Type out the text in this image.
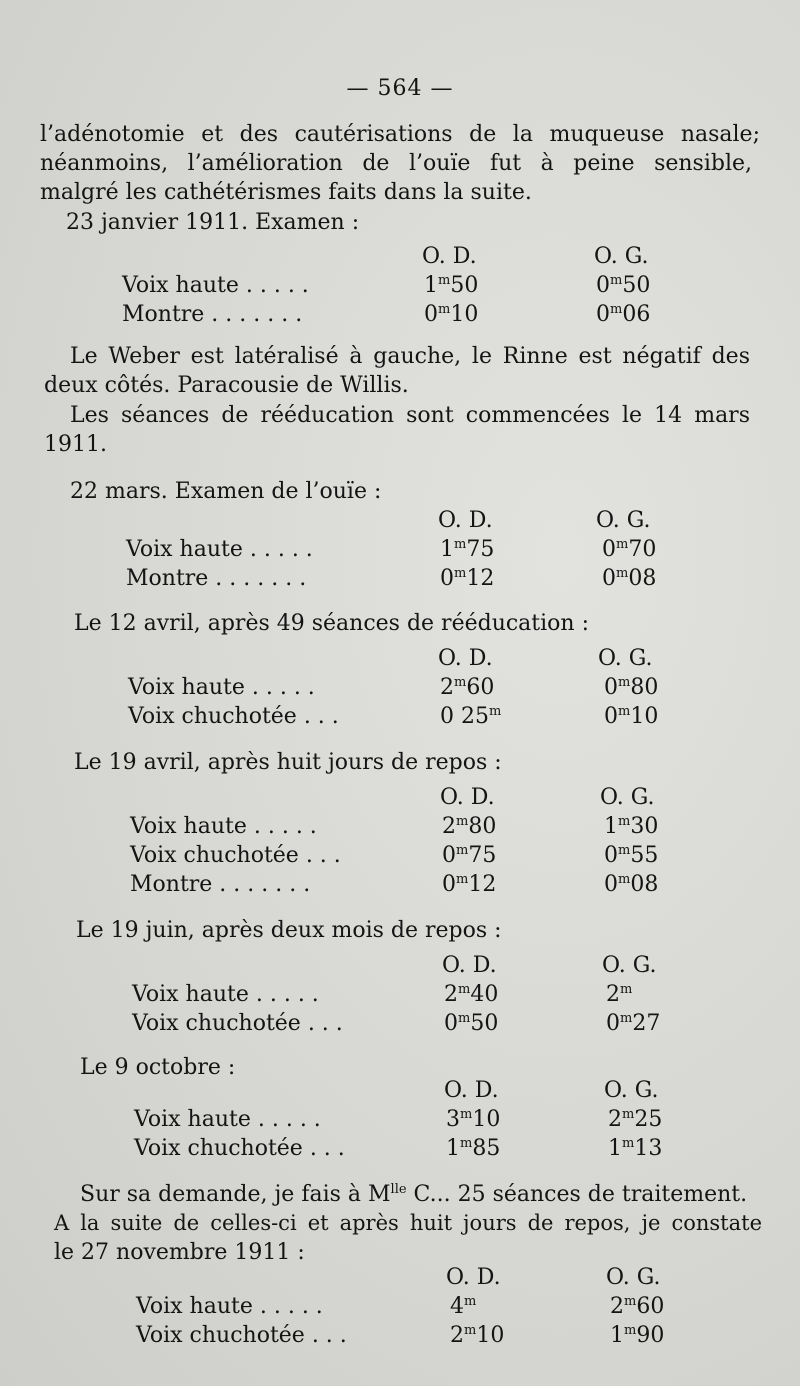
— 564 —
l’adénotomie et des cautérisations de la muqueuse nasale;
néanmoins, l’amélioration de l’ouïe fut à peine sensible,
malgré les cathétérismes faits dans la suite.
23 janvier 1911. Examen :
O. D.	O. G.
Voix haute . . . . .	1$^m$50	0$^m$50
Montre . . . . . . .	0$^m$10	0$^m$06
Le Weber est latéralisé à gauche, le Rinne est négatif des
deux côtés. Paracousie de Willis.
Les séances de rééducation sont commencées le 14 mars
1911.
22 mars. Examen de l’ouïe :
O. D.	O. G.
Voix haute . . . . .	1$^m$75	0$^m$70
Montre . . . . . . .	0$^m$12	0$^m$08
Le 12 avril, après 49 séances de rééducation :
O. D.	O. G.
Voix haute . . . . .	2$^m$60	0$^m$80
Voix chuchotée . . .	0 25$^m$	0$^m$10
Le 19 avril, après huit jours de repos :
O. D.	O. G.
Voix haute . . . . .	2$^m$80	1$^m$30
Voix chuchotée . . .	0$^m$75	0$^m$55
Montre . . . . . . .	0$^m$12	0$^m$08
Le 19 juin, après deux mois de repos :
O. D.	O. G.
Voix haute . . . . .	2$^m$40	2$^m$
Voix chuchotée . . .	0$^m$50	0$^m$27
Le 9 octobre :
O. D.	O. G.
Voix haute . . . . .	3$^m$10	2$^m$25
Voix chuchotée . . .	1$^m$85	1$^m$13
Sur sa demande, je fais à $M^{lle}$ C... 25 séances de traitement.
A la suite de celles-ci et après huit jours de repos, je constate
le 27 novembre 1911 :
O. D.	O. G.
Voix haute . . . . .	4$^m$	2$^m$60
Voix chuchotée . . .	2$^m$10	1$^m$90
